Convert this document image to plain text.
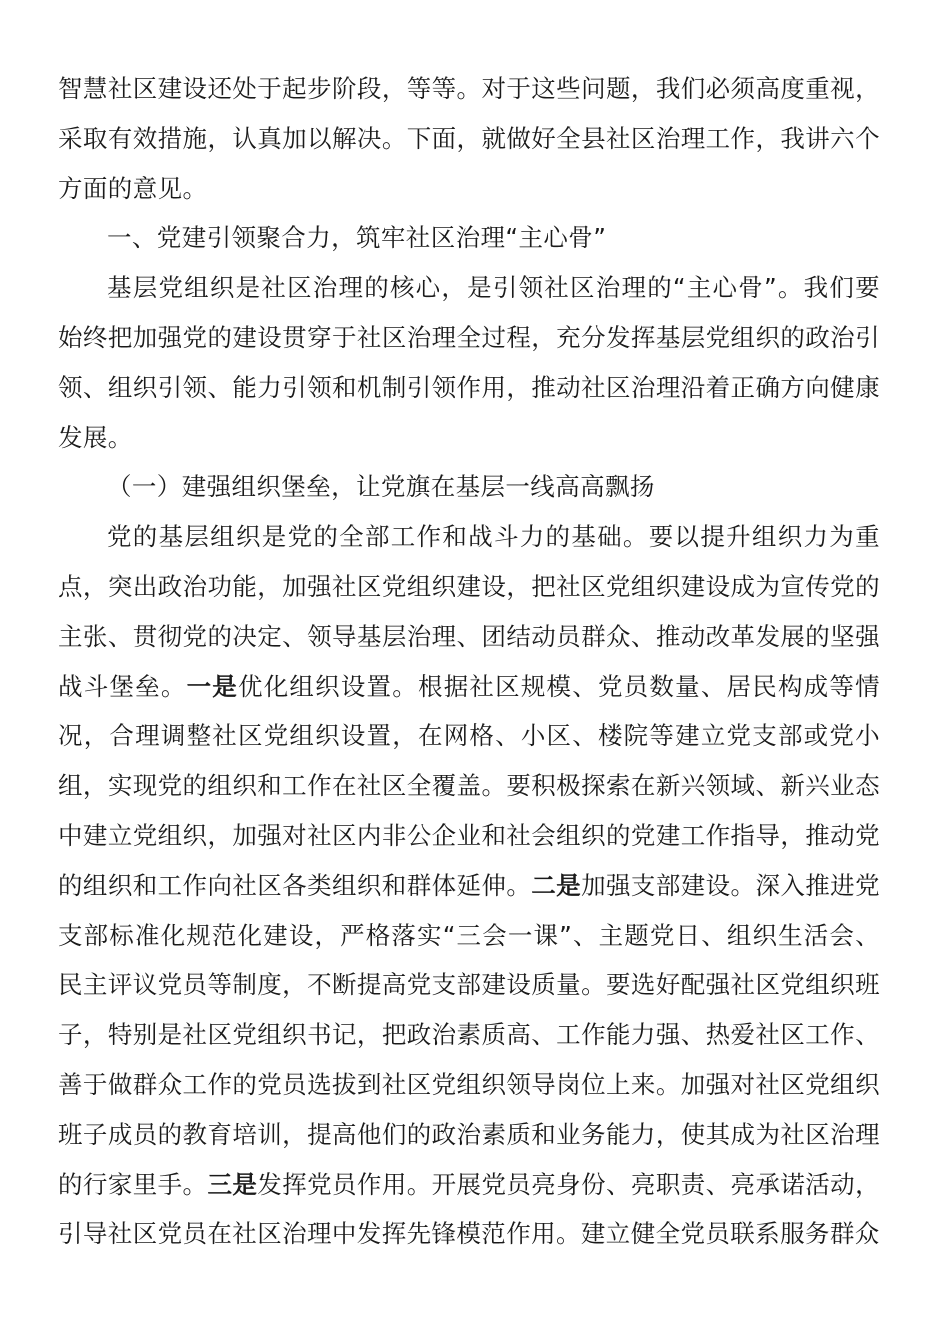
智慧社区建设还处于起步阶段，等等。对于这些问题，我们必须高度重视，采取有效措施，认真加以解决。下面，就做好全县社区治理工作，我讲六个方面的意见。

一、党建引领聚合力，筑牢社区治理“主心骨”

基层党组织是社区治理的核心，是引领社区治理的“主心骨”。我们要始终把加强党的建设贯穿于社区治理全过程，充分发挥基层党组织的政治引领、组织引领、能力引领和机制引领作用，推动社区治理沿着正确方向健康发展。

（一）建强组织堡垒，让党旗在基层一线高高飘扬

党的基层组织是党的全部工作和战斗力的基础。要以提升组织力为重点，突出政治功能，加强社区党组织建设，把社区党组织建设成为宣传党的主张、贯彻党的决定、领导基层治理、团结动员群众、推动改革发展的坚强战斗堡垒。一是优化组织设置。根据社区规模、党员数量、居民构成等情况，合理调整社区党组织设置，在网格、小区、楼院等建立党支部或党小组，实现党的组织和工作在社区全覆盖。要积极探索在新兴领域、新兴业态中建立党组织，加强对社区内非公企业和社会组织的党建工作指导，推动党的组织和工作向社区各类组织和群体延伸。二是加强支部建设。深入推进党支部标准化规范化建设，严格落实“三会一课”、主题党日、组织生活会、民主评议党员等制度，不断提高党支部建设质量。要选好配强社区党组织班子，特别是社区党组织书记，把政治素质高、工作能力强、热爱社区工作、善于做群众工作的党员选拔到社区党组织领导岗位上来。加强对社区党组织班子成员的教育培训，提高他们的政治素质和业务能力，使其成为社区治理的行家里手。三是发挥党员作用。开展党员亮身份、亮职责、亮承诺活动，引导社区党员在社区治理中发挥先锋模范作用。建立健全党员联系服务群众
